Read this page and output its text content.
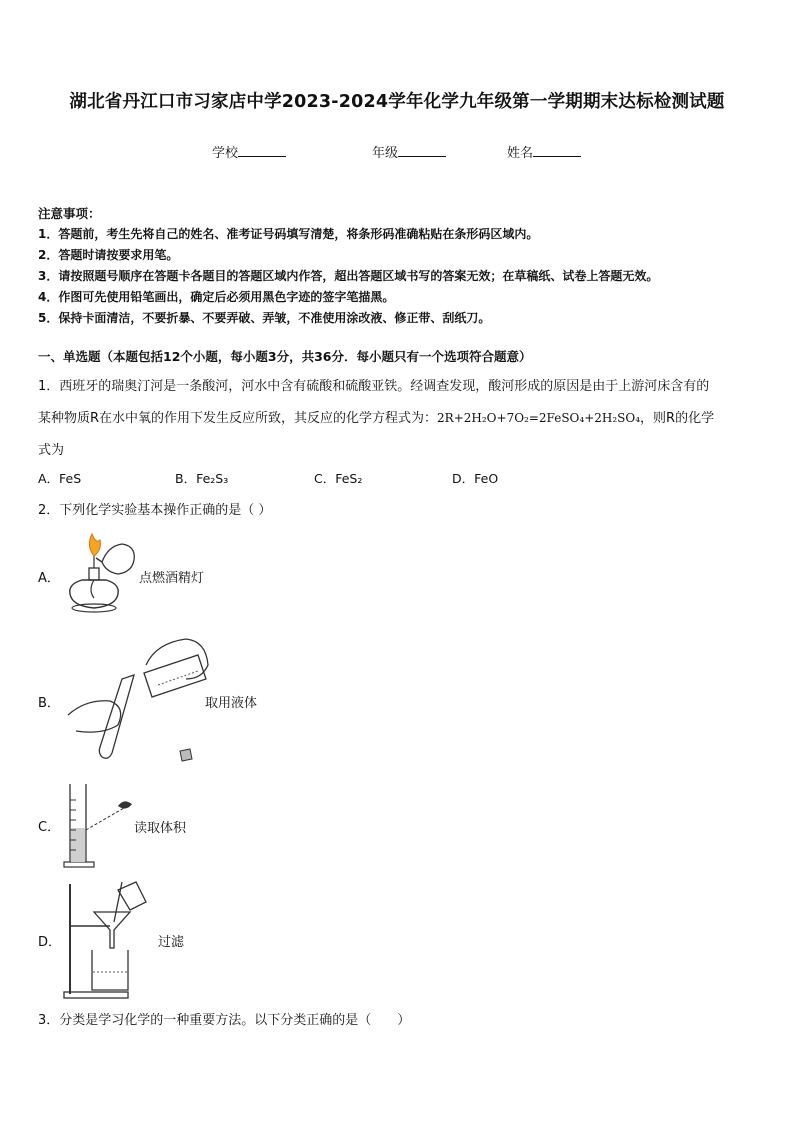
湖北省丹江口市习家店中学2023-2024学年化学九年级第一学期期末达标检测试题
学校	年级	姓名
注意事项：
1．答题前，考生先将自己的姓名、准考证号码填写清楚，将条形码准确粘贴在条形码区域内。
2．答题时请按要求用笔。
3．请按照题号顺序在答题卡各题目的答题区域内作答，超出答题区域书写的答案无效；在草稿纸、试卷上答题无效。
4．作图可先使用铅笔画出，确定后必须用黑色字迹的签字笔描黑。
5．保持卡面清洁，不要折暴、不要弄破、弄皱，不准使用涂改液、修正带、刮纸刀。
一、单选题（本题包括12个小题，每小题3分，共36分．每小题只有一个选项符合题意）
1．西班牙的瑞奥汀河是一条酸河，河水中含有硫酸和硫酸亚铁。经调查发现，酸河形成的原因是由于上游河床含有的
某种物质R在水中氧的作用下发生反应所致，其反应的化学方程式为：2R+2H₂O+7O₂=2FeSO₄+2H₂SO₄，则R的化学
式为
A．FeS	B．Fe₂S₃	C．FeS₂	D．FeO
2．下列化学实验基本操作正确的是（ ）
A．	点燃酒精灯
B．	取用液体
C．	读取体积
D．	过滤
3．分类是学习化学的一种重要方法。以下分类正确的是（　　）
